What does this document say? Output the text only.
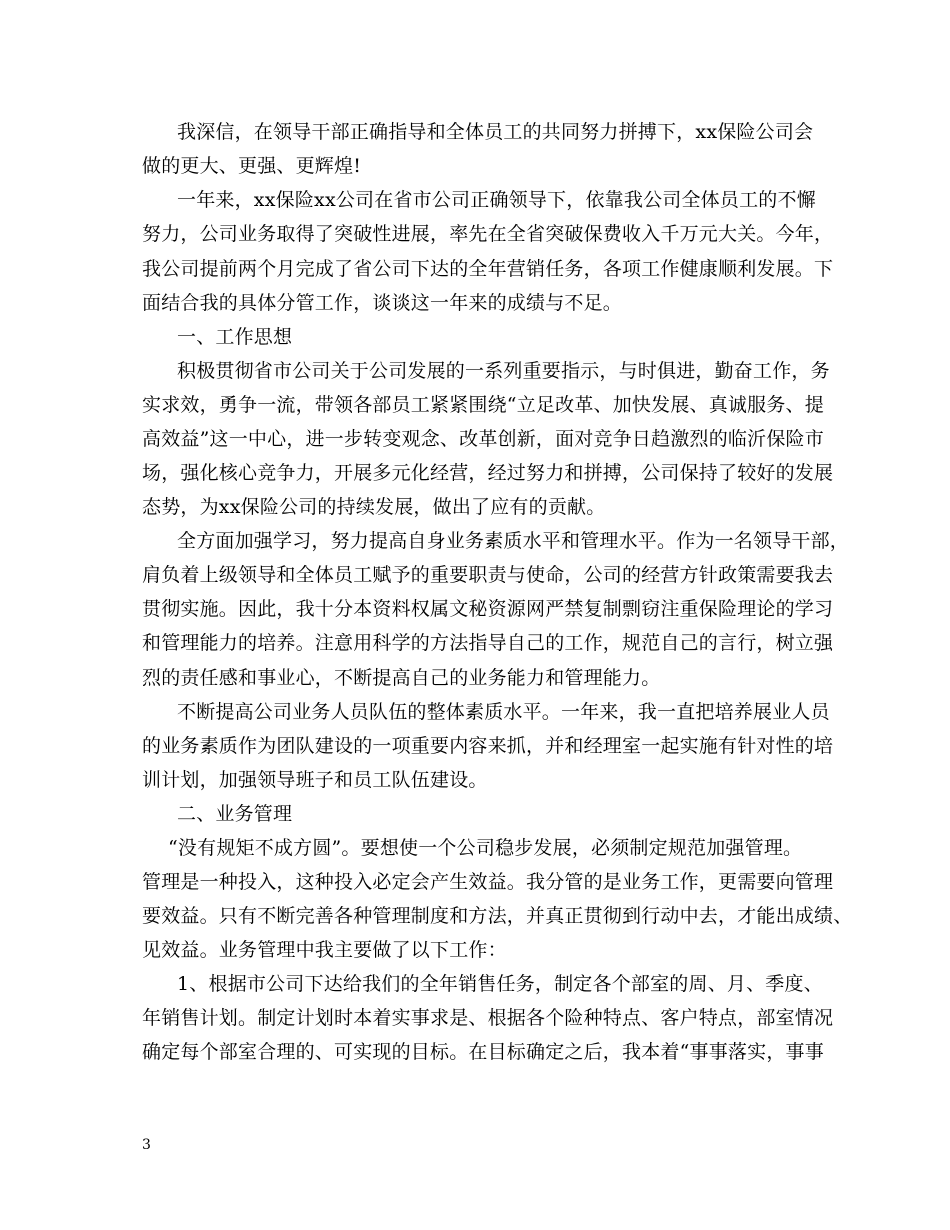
我深信，在领导干部正确指导和全体员工的共同努力拼搏下，xx保险公司会
做的更大、更强、更辉煌!
一年来，xx保险xx公司在省市公司正确领导下，依靠我公司全体员工的不懈
努力，公司业务取得了突破性进展，率先在全省突破保费收入千万元大关。今年，
我公司提前两个月完成了省公司下达的全年营销任务，各项工作健康顺利发展。下
面结合我的具体分管工作，谈谈这一年来的成绩与不足。
一、工作思想
积极贯彻省市公司关于公司发展的一系列重要指示，与时俱进，勤奋工作，务
实求效，勇争一流，带领各部员工紧紧围绕“立足改革、加快发展、真诚服务、提
高效益”这一中心，进一步转变观念、改革创新，面对竞争日趋激烈的临沂保险市
场，强化核心竞争力，开展多元化经营，经过努力和拼搏，公司保持了较好的发展
态势，为xx保险公司的持续发展，做出了应有的贡献。
全方面加强学习，努力提高自身业务素质水平和管理水平。作为一名领导干部，
肩负着上级领导和全体员工赋予的重要职责与使命，公司的经营方针政策需要我去
贯彻实施。因此，我十分本资料权属文秘资源网严禁复制剽窃注重保险理论的学习
和管理能力的培养。注意用科学的方法指导自己的工作，规范自己的言行，树立强
烈的责任感和事业心，不断提高自己的业务能力和管理能力。
不断提高公司业务人员队伍的整体素质水平。一年来，我一直把培养展业人员
的业务素质作为团队建设的一项重要内容来抓，并和经理室一起实施有针对性的培
训计划，加强领导班子和员工队伍建设。
二、业务管理
“没有规矩不成方圆”。要想使一个公司稳步发展，必须制定规范加强管理。
管理是一种投入，这种投入必定会产生效益。我分管的是业务工作，更需要向管理
要效益。只有不断完善各种管理制度和方法，并真正贯彻到行动中去，才能出成绩、
见效益。业务管理中我主要做了以下工作：
1、根据市公司下达给我们的全年销售任务，制定各个部室的周、月、季度、
年销售计划。制定计划时本着实事求是、根据各个险种特点、客户特点，部室情况
确定每个部室合理的、可实现的目标。在目标确定之后，我本着“事事落实，事事
3
